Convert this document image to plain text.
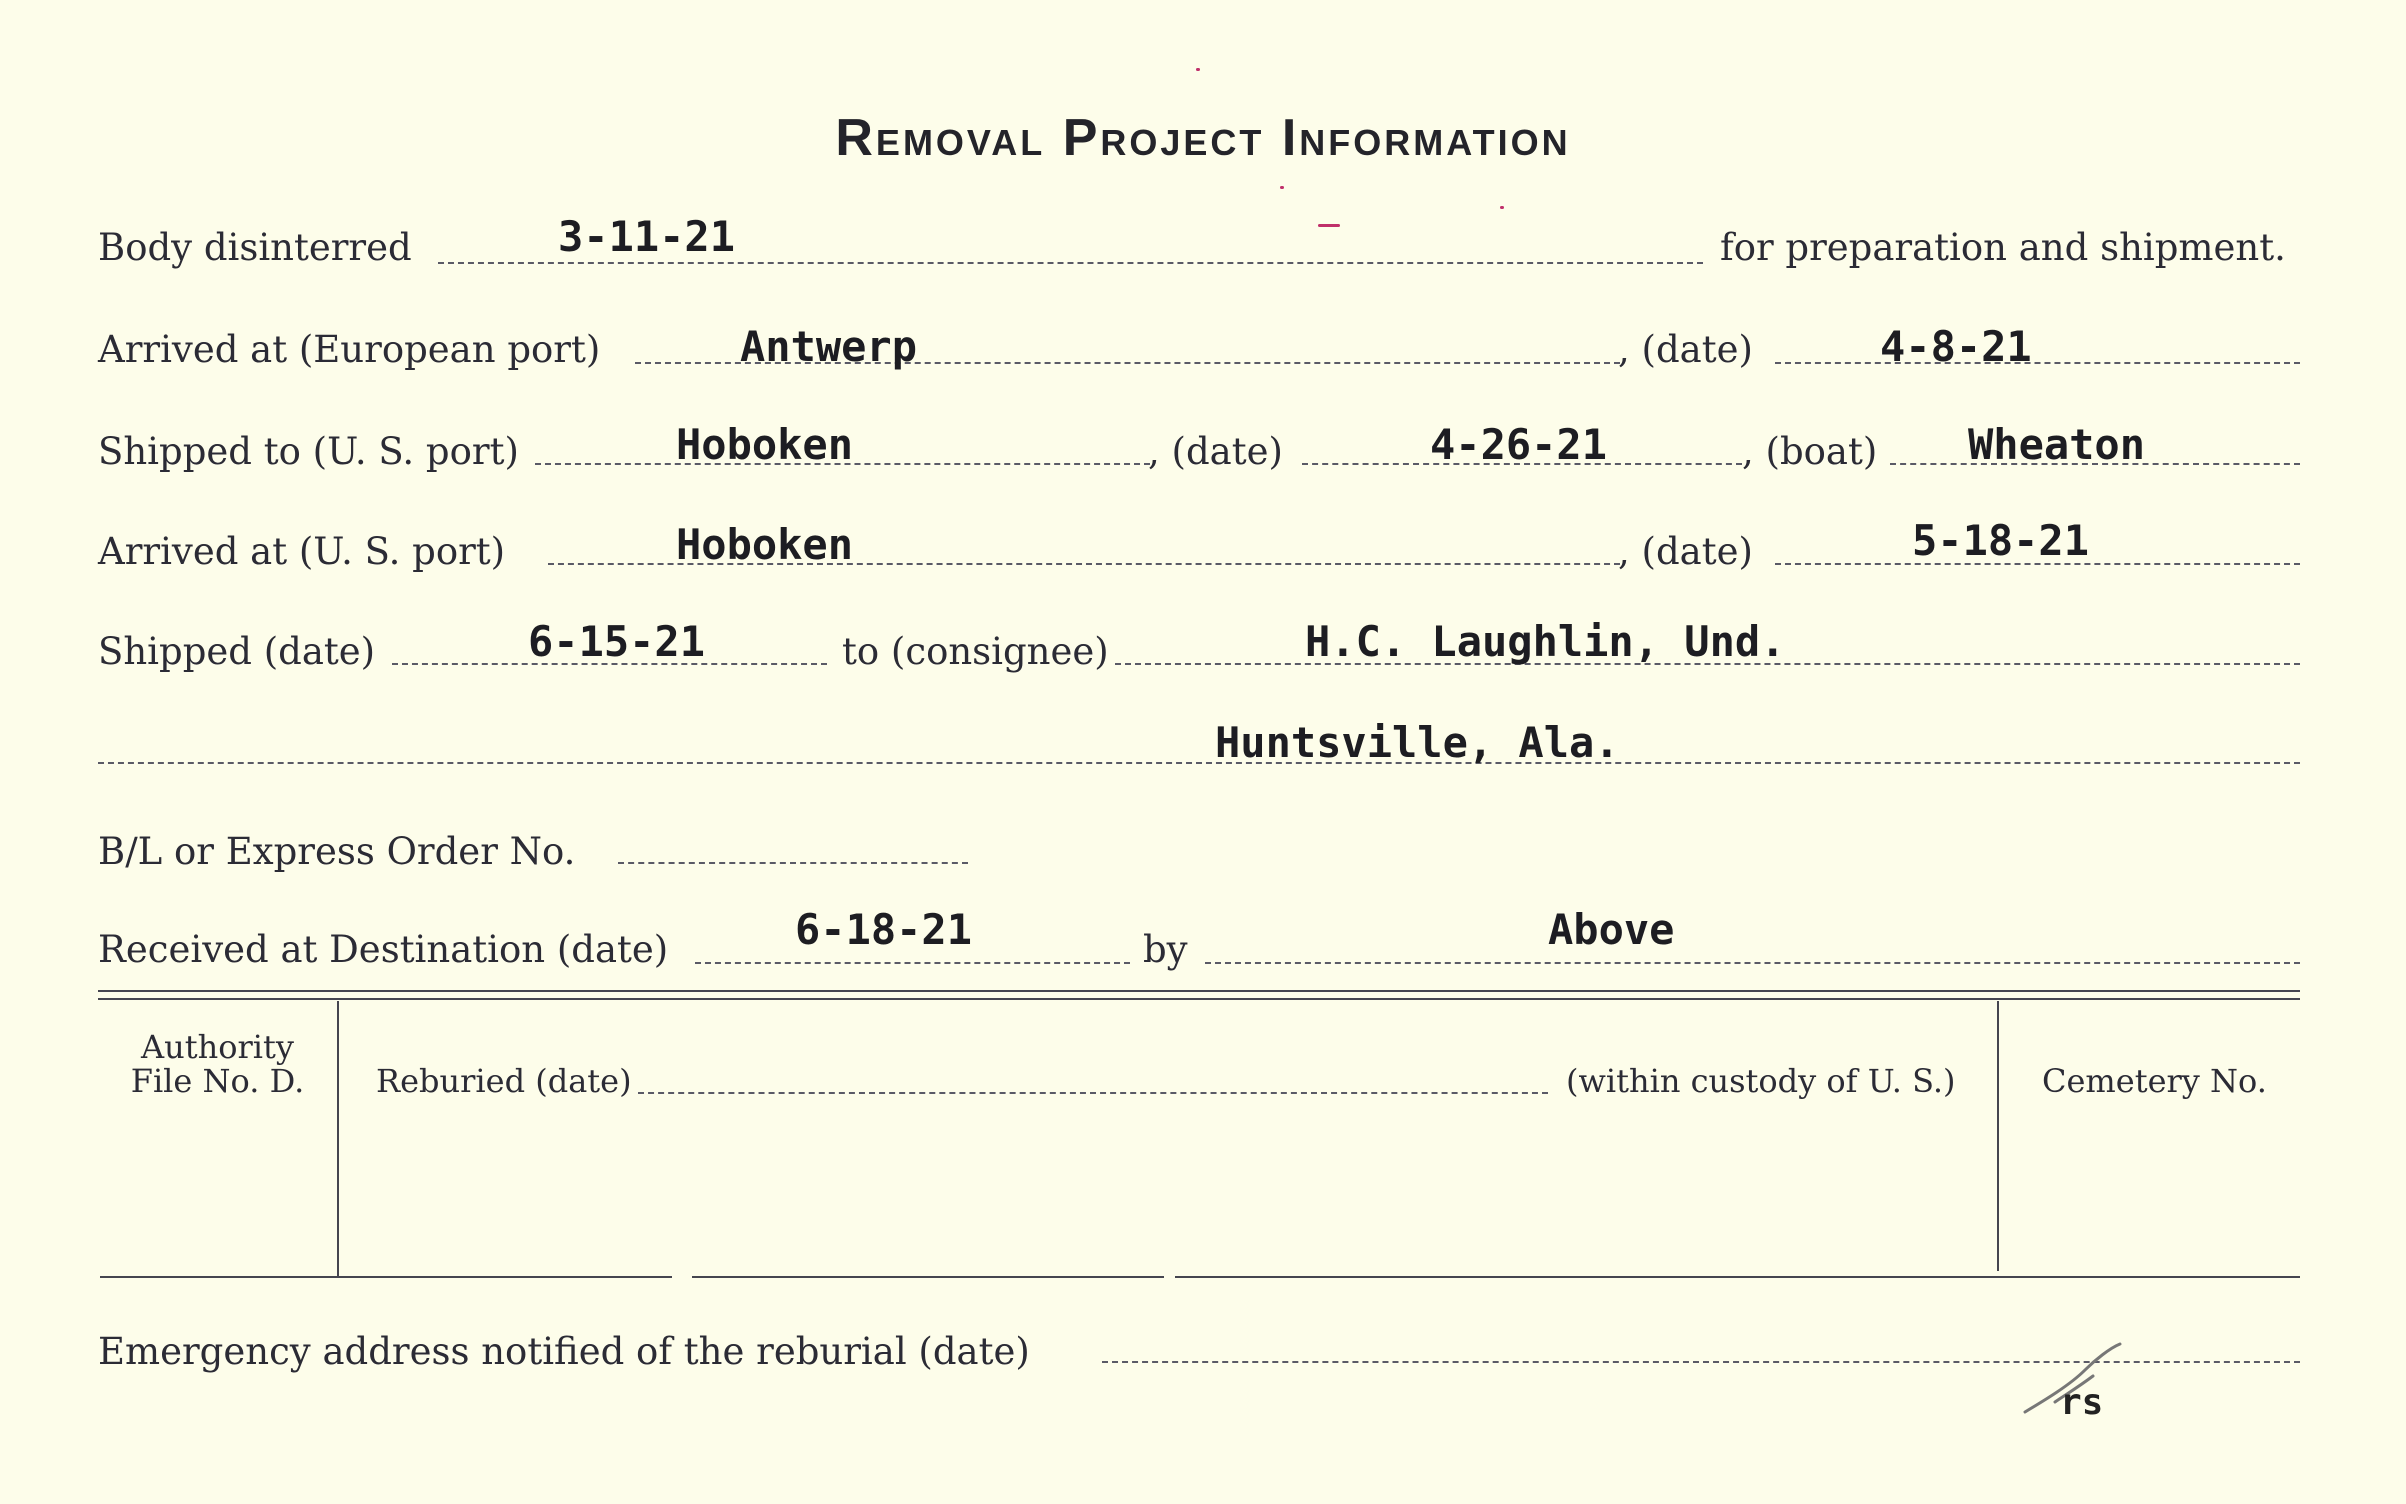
Removal Project Information
Body disinterred	3-11-21	for preparation and shipment.
Arrived at (European port)	Antwerp	, (date)	4-8-21
Shipped to (U. S. port)	Hoboken	, (date)	4-26-21	, (boat) Wheaton
Arrived at (U. S. port)	Hoboken	, (date)	5-18-21
Shipped (date)	6-15-21	to (consignee)	H.C. Laughlin, Und.
Huntsville, Ala.
B/L or Express Order No.
Received at Destination (date)	6-18-21	by	Above
Authority
File No. D.	Reburied (date)	(within custody of U. S.)	Cemetery No.
Emergency address notified of the reburial (date)
rs
